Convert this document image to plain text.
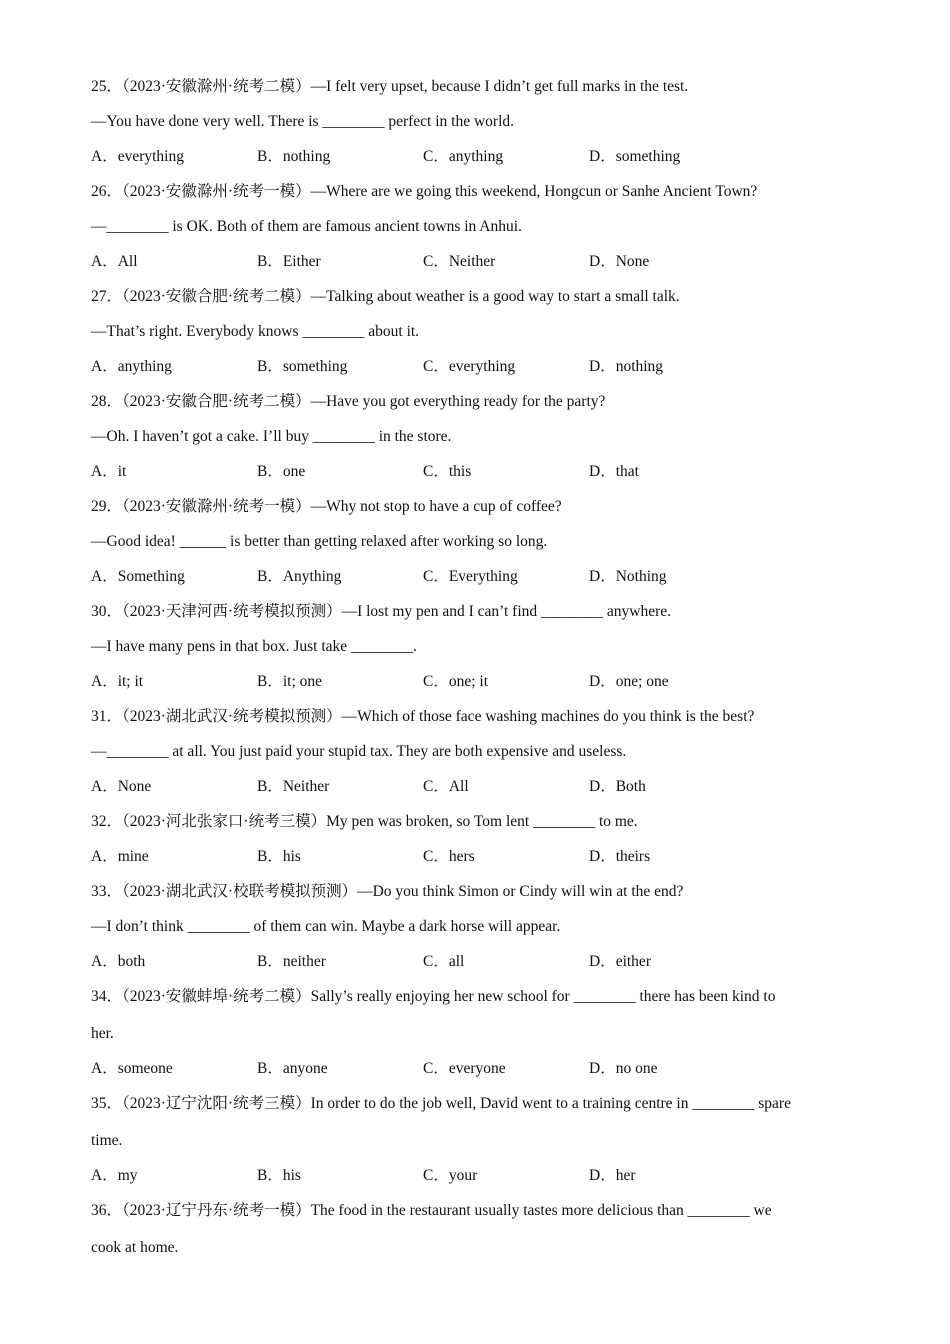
25．（2023·安徽滁州·统考二模）—I felt very upset, because I didn’t get full marks in the test.
—You have done very well. There is ________ perfect in the world.
A．everything	B．nothing	C．anything	D．something
26．（2023·安徽滁州·统考一模）—Where are we going this weekend, Hongcun or Sanhe Ancient Town?
—________ is OK. Both of them are famous ancient towns in Anhui.
A．All	B．Either	C．Neither	D．None
27．（2023·安徽合肥·统考二模）—Talking about weather is a good way to start a small talk.
—That’s right. Everybody knows ________ about it.
A．anything	B．something	C．everything	D．nothing
28．（2023·安徽合肥·统考二模）—Have you got everything ready for the party?
—Oh. I haven’t got a cake. I’ll buy ________ in the store.
A．it	B．one	C．this	D．that
29．（2023·安徽滁州·统考一模）—Why not stop to have a cup of coffee?
—Good idea! ______ is better than getting relaxed after working so long.
A．Something	B．Anything	C．Everything	D．Nothing
30．（2023·天津河西·统考模拟预测）—I lost my pen and I can’t find ________ anywhere.
—I have many pens in that box. Just take ________.
A．it; it	B．it; one	C．one; it	D．one; one
31．（2023·湖北武汉·统考模拟预测）—Which of those face washing machines do you think is the best?
—________ at all. You just paid your stupid tax. They are both expensive and useless.
A．None	B．Neither	C．All	D．Both
32．（2023·河北张家口·统考三模）My pen was broken, so Tom lent ________ to me.
A．mine	B．his	C．hers	D．theirs
33．（2023·湖北武汉·校联考模拟预测）—Do you think Simon or Cindy will win at the end?
—I don’t think ________ of them can win. Maybe a dark horse will appear.
A．both	B．neither	C．all	D．either
34．（2023·安徽蚌埠·统考二模）Sally’s really enjoying her new school for ________ there has been kind to
her.
A．someone	B．anyone	C．everyone	D．no one
35．（2023·辽宁沈阳·统考三模）In order to do the job well, David went to a training centre in ________ spare
time.
A．my	B．his	C．your	D．her
36．（2023·辽宁丹东·统考一模）The food in the restaurant usually tastes more delicious than ________ we
cook at home.
